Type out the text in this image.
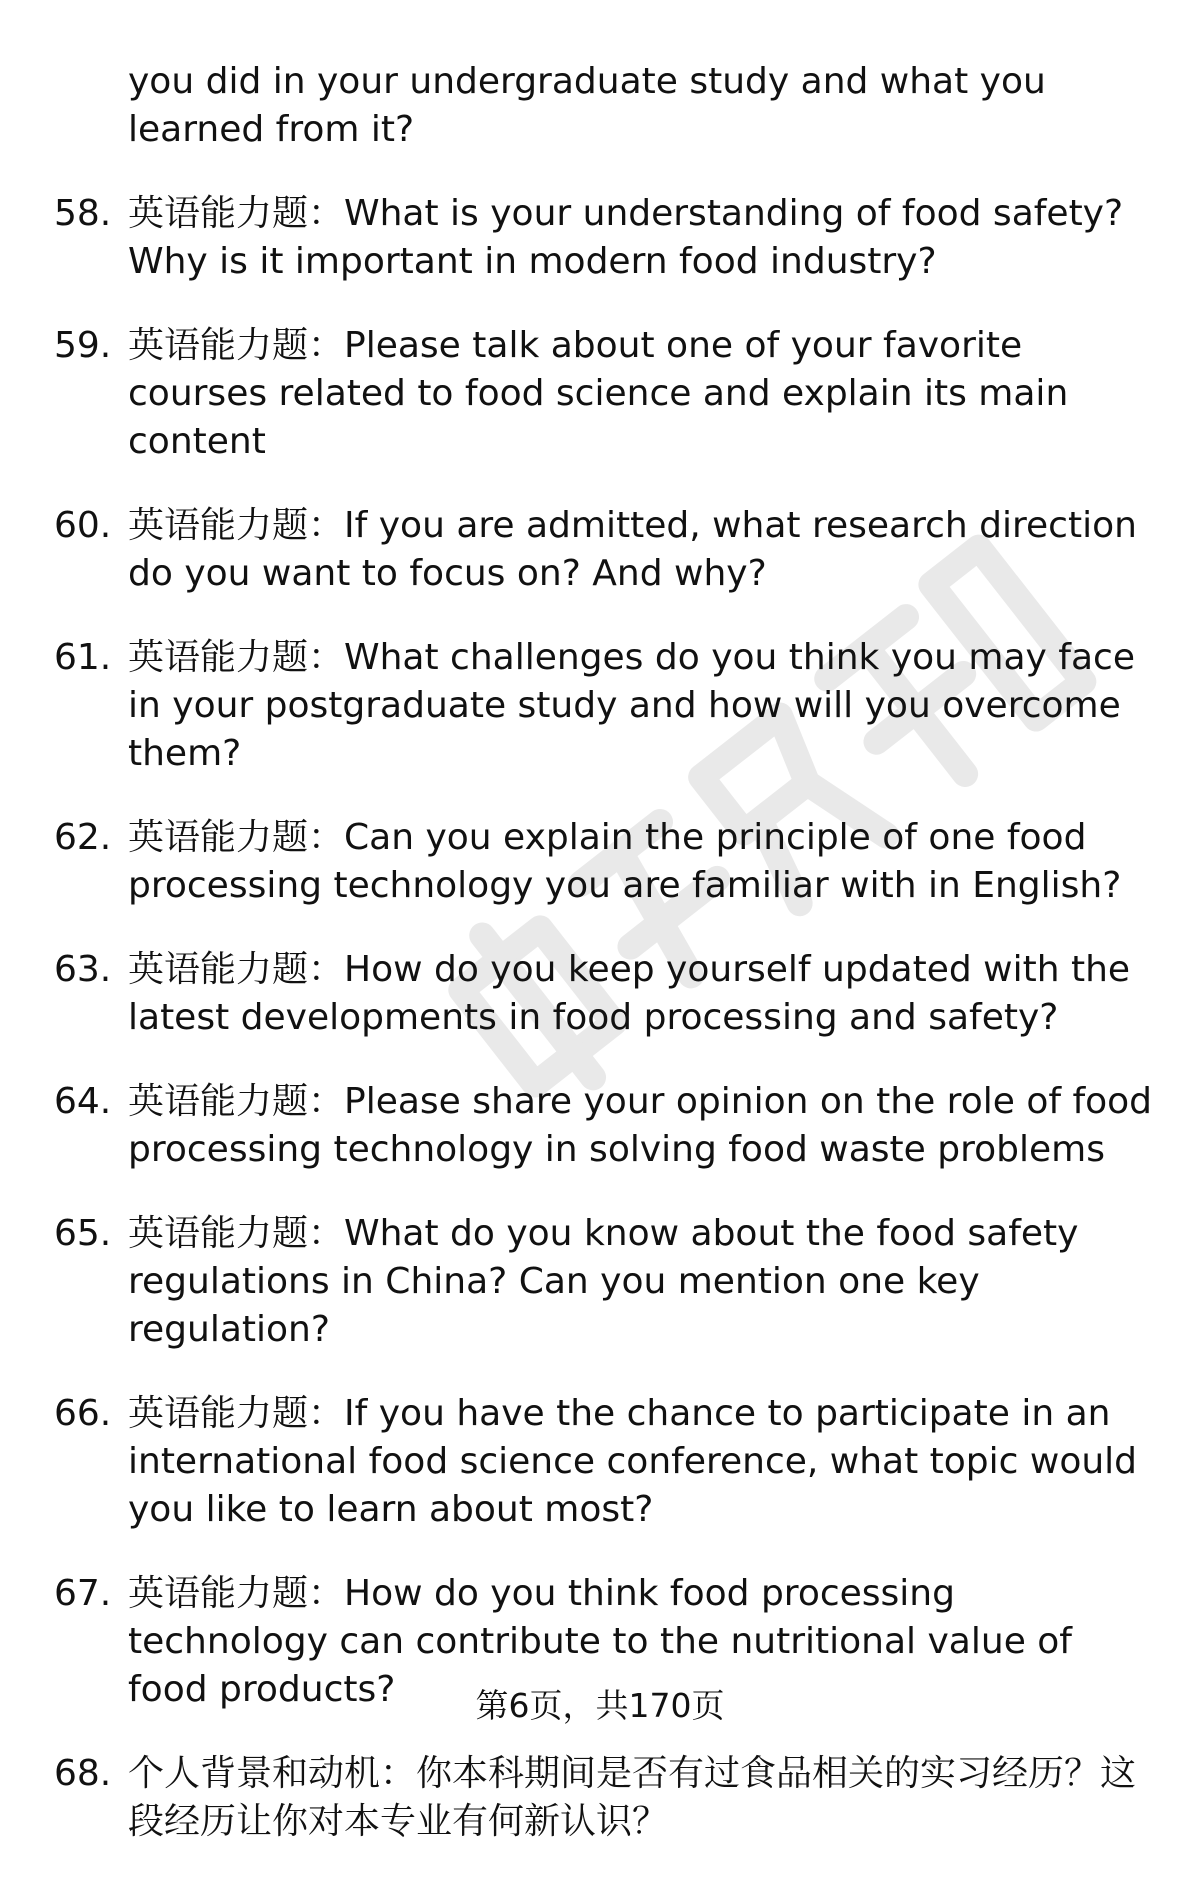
you did in your undergraduate study and what you learned from it?
58. 英语能力题：What is your understanding of food safety? Why is it important in modern food industry?
59. 英语能力题：Please talk about one of your favorite courses related to food science and explain its main content
60. 英语能力题：If you are admitted, what research direction do you want to focus on? And why?
61. 英语能力题：What challenges do you think you may face in your postgraduate study and how will you overcome them?
62. 英语能力题：Can you explain the principle of one food processing technology you are familiar with in English?
63. 英语能力题：How do you keep yourself updated with the latest developments in food processing and safety?
64. 英语能力题：Please share your opinion on the role of food processing technology in solving food waste problems
65. 英语能力题：What do you know about the food safety regulations in China? Can you mention one key regulation?
66. 英语能力题：If you have the chance to participate in an international food science conference, what topic would you like to learn about most?
67. 英语能力题：How do you think food processing technology can contribute to the nutritional value of food products?
68. 个人背景和动机：你本科期间是否有过食品相关的实习经历？这段经历让你对本专业有何新认识？
第6页，共170页
